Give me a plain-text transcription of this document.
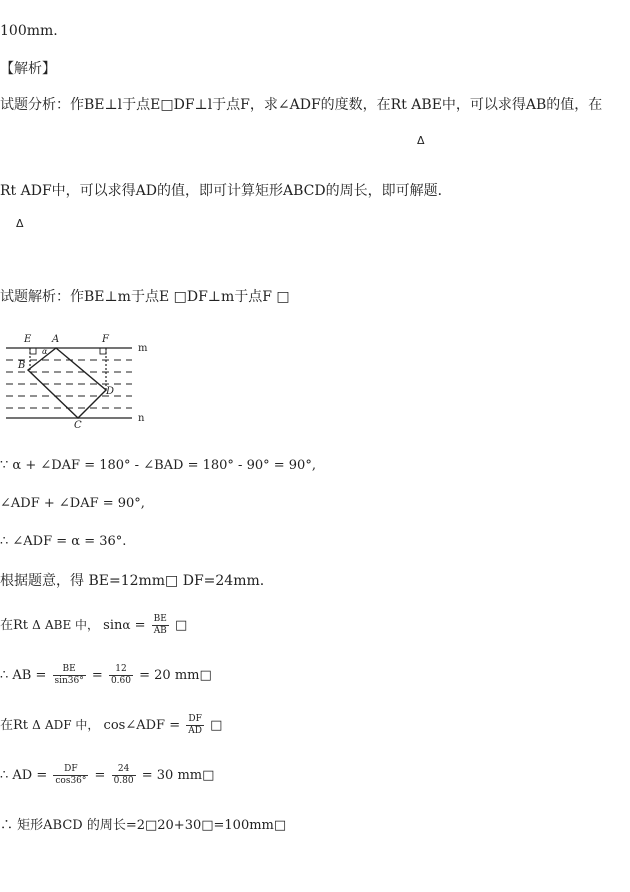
100mm.
【解析】
试题分析：作BE⊥l于点E□DF⊥l于点F，求∠ADF的度数，在Rt ABE中，可以求得AB的值，在
Δ
Rt ADF中，可以求得AD的值，即可计算矩形ABCD的周长，即可解题．
Δ
试题解析：作BE⊥m于点E □DF⊥m于点F □
E A	F
B
D
C
m
n
α
∵ α + ∠DAF = 180° - ∠BAD = 180° - 90° = 90°,
∠ADF + ∠DAF = 90°,
∴ ∠ADF = α = 36°.
根据题意，得 BE=12mm□ DF=24mm.
在Rt Δ ABE 中， $\sin\alpha = \frac{BE}{AB}$ □
∴ AB = $\frac{BE}{\sin 36^\circ} = \frac{12}{0.60} = 20$ mm□
在Rt Δ ADF 中， cos∠ADF = $\frac{DF}{AD}$ □
∴ AD = $\frac{DF}{\cos 36^\circ} = \frac{24}{0.80} = 30$ mm□
∴ 矩形ABCD 的周长=2□20+30□=100mm□
